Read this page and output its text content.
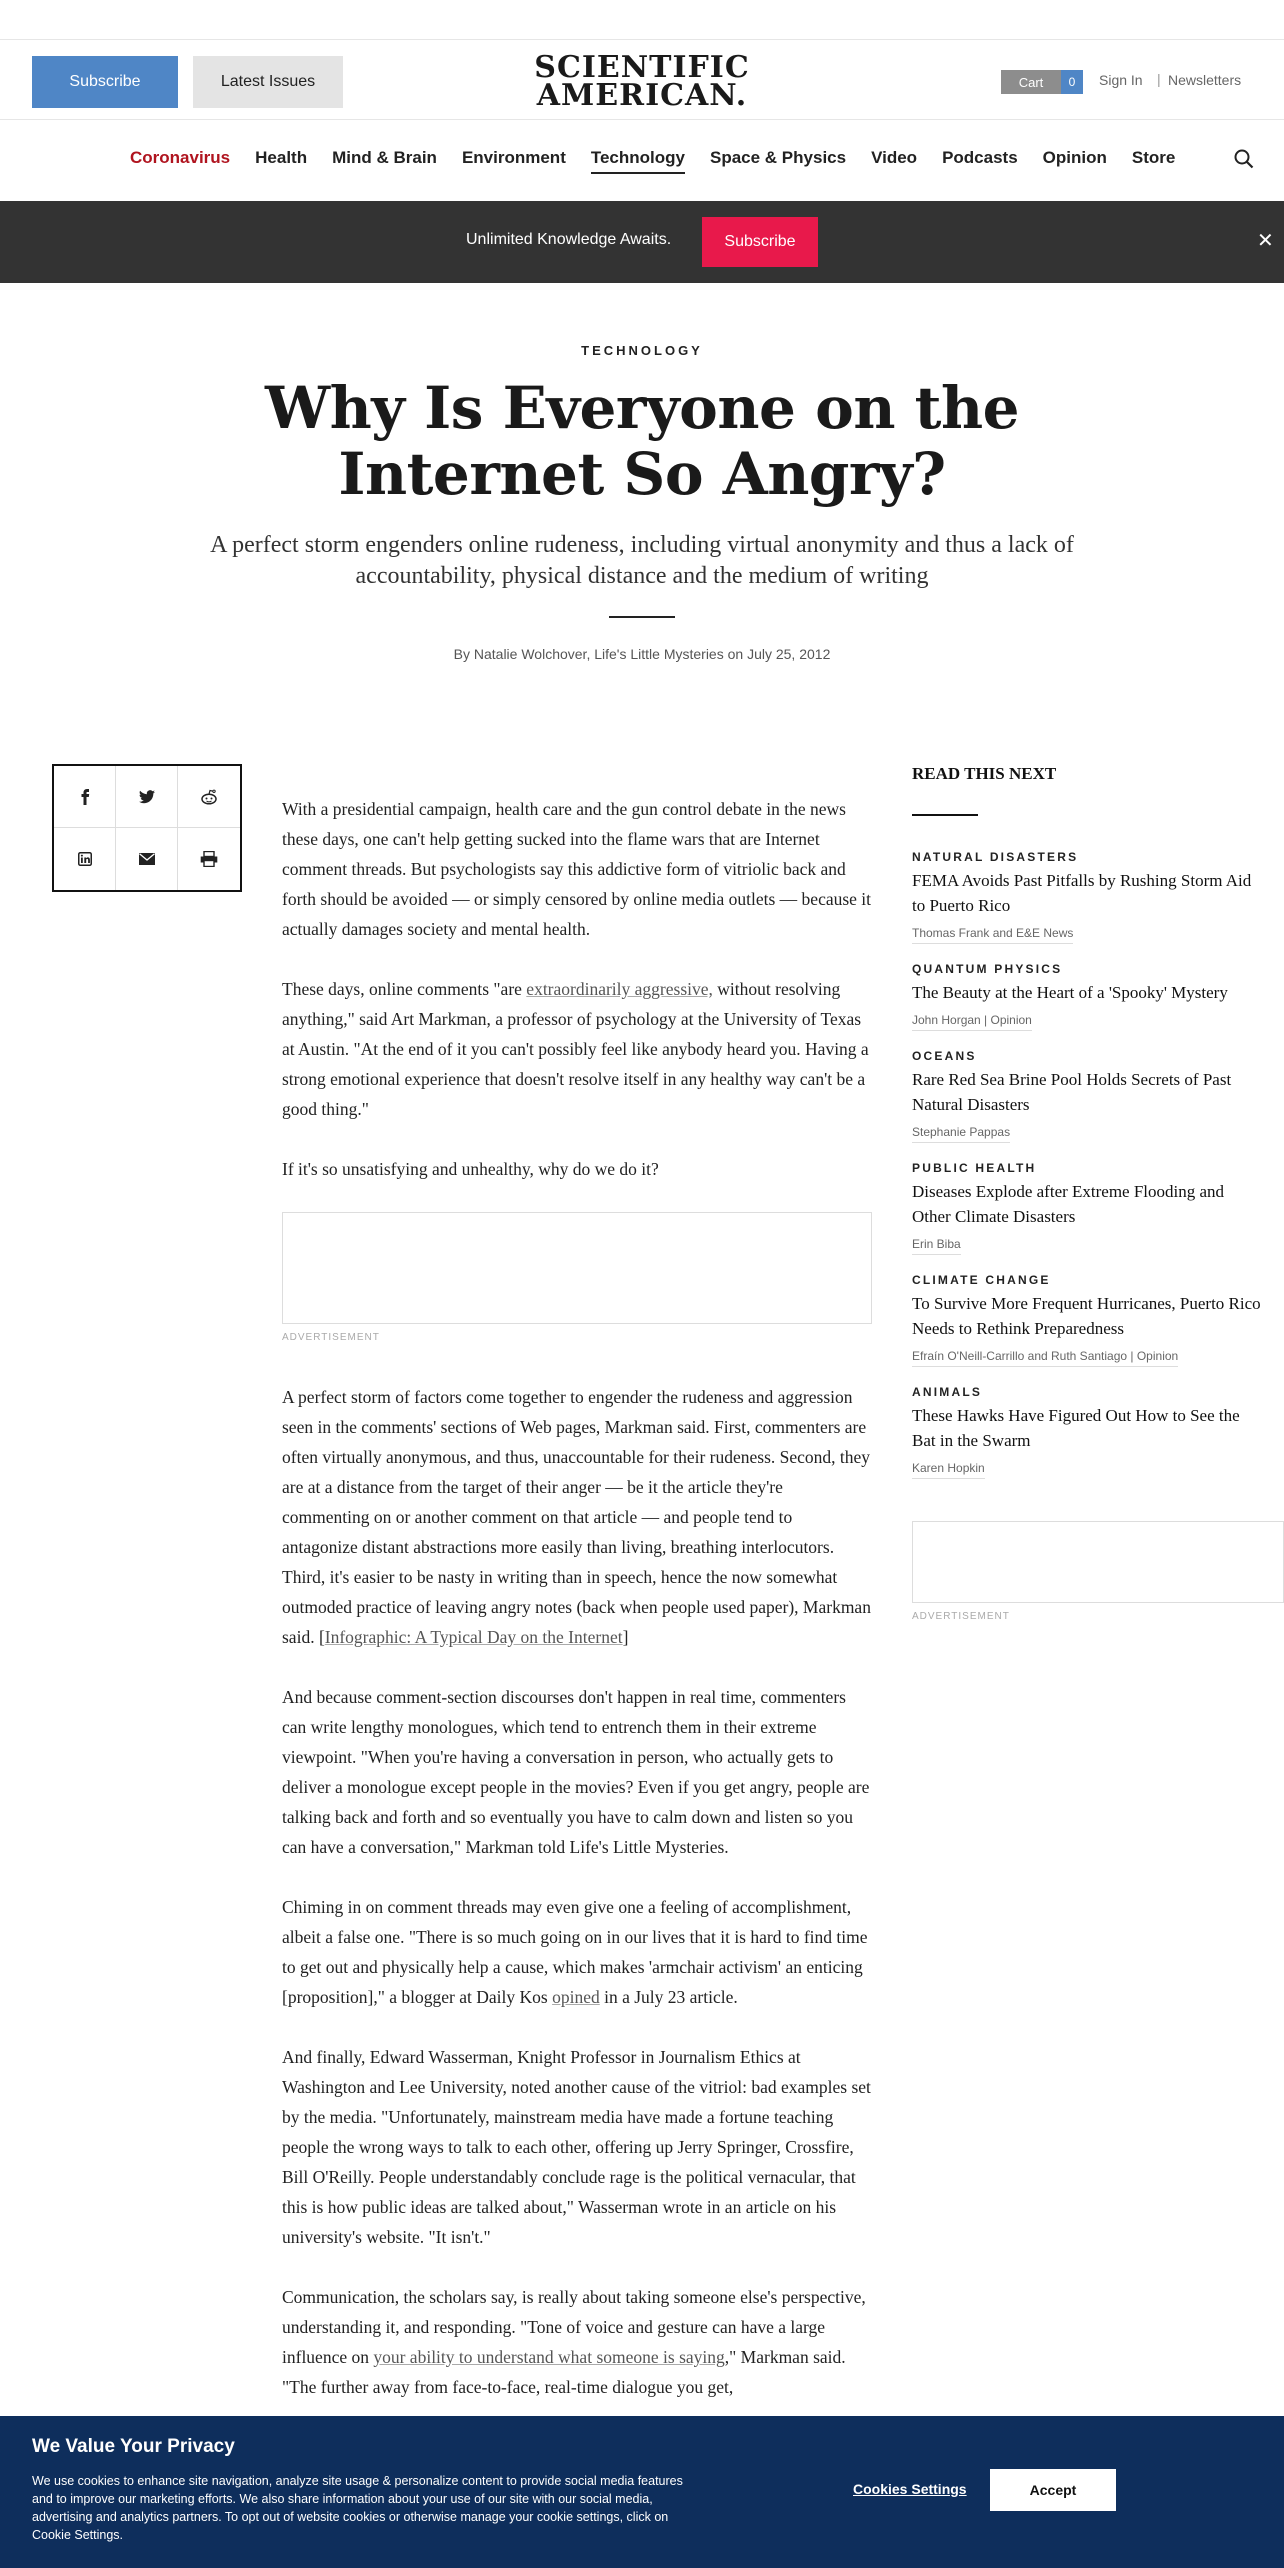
Subscribe	Latest Issues	SCIENTIFIC
AMERICAN.	Cart	0	Sign In | Newsletters
Coronavirus Health Mind & Brain Environment Technology Space & Physics Video Podcasts Opinion Store
Unlimited Knowledge Awaits.	Subscribe	✕
TECHNOLOGY
Why Is Everyone on the Internet So Angry?
A perfect storm engenders online rudeness, including virtual anonymity and thus a lack of accountability, physical distance and the medium of writing
By Natalie Wolchover, Life's Little Mysteries on July 25, 2012

With a presidential campaign, health care and the gun control debate in the news these days, one can't help getting sucked into the flame wars that are Internet comment threads. But psychologists say this addictive form of vitriolic back and forth should be avoided — or simply censored by online media outlets — because it actually damages society and mental health.

These days, online comments "are extraordinarily aggressive, without resolving anything," said Art Markman, a professor of psychology at the University of Texas at Austin. "At the end of it you can't possibly feel like anybody heard you. Having a strong emotional experience that doesn't resolve itself in any healthy way can't be a good thing."

If it's so unsatisfying and unhealthy, why do we do it?

ADVERTISEMENT

A perfect storm of factors come together to engender the rudeness and aggression seen in the comments' sections of Web pages, Markman said. First, commenters are often virtually anonymous, and thus, unaccountable for their rudeness. Second, they are at a distance from the target of their anger — be it the article they're commenting on or another comment on that article — and people tend to antagonize distant abstractions more easily than living, breathing interlocutors. Third, it's easier to be nasty in writing than in speech, hence the now somewhat outmoded practice of leaving angry notes (back when people used paper), Markman said. [Infographic: A Typical Day on the Internet]

And because comment-section discourses don't happen in real time, commenters can write lengthy monologues, which tend to entrench them in their extreme viewpoint. "When you're having a conversation in person, who actually gets to deliver a monologue except people in the movies? Even if you get angry, people are talking back and forth and so eventually you have to calm down and listen so you can have a conversation," Markman told Life's Little Mysteries.

Chiming in on comment threads may even give one a feeling of accomplishment, albeit a false one. "There is so much going on in our lives that it is hard to find time to get out and physically help a cause, which makes 'armchair activism' an enticing [proposition]," a blogger at Daily Kos opined in a July 23 article.

And finally, Edward Wasserman, Knight Professor in Journalism Ethics at Washington and Lee University, noted another cause of the vitriol: bad examples set by the media. "Unfortunately, mainstream media have made a fortune teaching people the wrong ways to talk to each other, offering up Jerry Springer, Crossfire, Bill O'Reilly. People understandably conclude rage is the political vernacular, that this is how public ideas are talked about," Wasserman wrote in an article on his university's website. "It isn't."

Communication, the scholars say, is really about taking someone else's perspective, understanding it, and responding. "Tone of voice and gesture can have a large influence on your ability to understand what someone is saying," Markman said. "The further away from face-to-face, real-time dialogue you get,

READ THIS NEXT
NATURAL DISASTERS
FEMA Avoids Past Pitfalls by Rushing Storm Aid to Puerto Rico
Thomas Frank and E&E News
QUANTUM PHYSICS
The Beauty at the Heart of a 'Spooky' Mystery
John Horgan | Opinion
OCEANS
Rare Red Sea Brine Pool Holds Secrets of Past Natural Disasters
Stephanie Pappas
PUBLIC HEALTH
Diseases Explode after Extreme Flooding and Other Climate Disasters
Erin Biba
CLIMATE CHANGE
To Survive More Frequent Hurricanes, Puerto Rico Needs to Rethink Preparedness
Efraín O'Neill-Carrillo and Ruth Santiago | Opinion
ANIMALS
These Hawks Have Figured Out How to See the Bat in the Swarm
Karen Hopkin
ADVERTISEMENT
We Value Your Privacy
We use cookies to enhance site navigation, analyze site usage & personalize content to provide social media features and to improve our marketing efforts. We also share information about your use of our site with our social media, advertising and analytics partners. To opt out of website cookies or otherwise manage your cookie settings, click on Cookie Settings.
Cookies Settings	Accept
